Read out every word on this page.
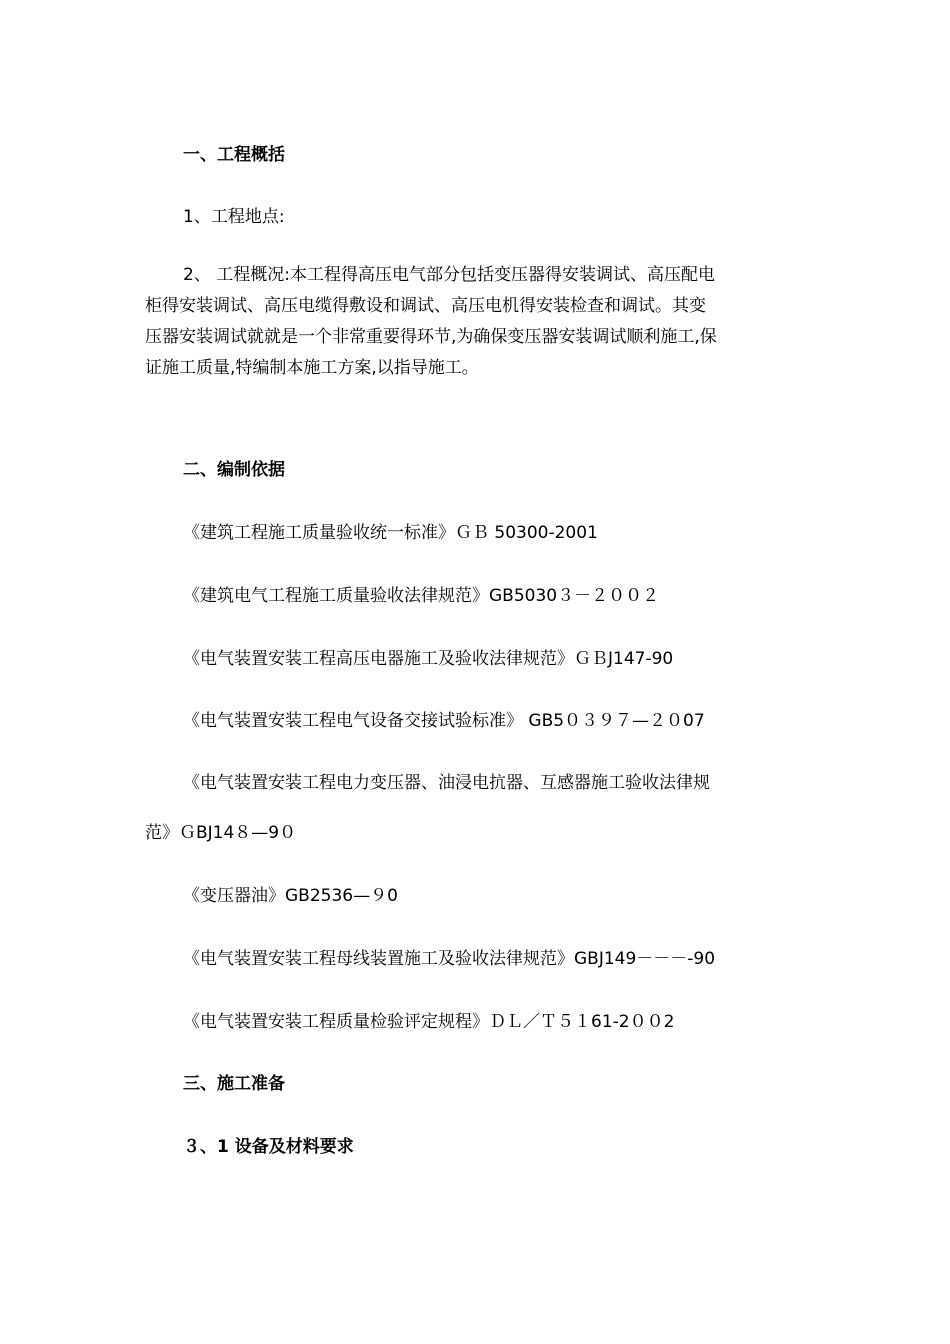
一、工程概括
1、工程地点:
2、 工程概况:本工程得高压电气部分包括变压器得安装调试、高压配电
柜得安装调试、高压电缆得敷设和调试、高压电机得安装检查和调试。其变
压器安装调试就就是一个非常重要得环节,为确保变压器安装调试顺利施工,保
证施工质量,特编制本施工方案,以指导施工。
二、编制依据
《建筑工程施工质量验收统一标准》ＧＢ 50300-2001
《建筑电气工程施工质量验收法律规范》GB5030３－２００２
《电气装置安装工程高压电器施工及验收法律规范》ＧＢJ147-90
《电气装置安装工程电气设备交接试验标准》 GB5０３９７—２０07
《电气装置安装工程电力变压器、油浸电抗器、互感器施工验收法律规
范》ＧBJ14８—9０
《变压器油》GB2536—９0
《电气装置安装工程母线装置施工及验收法律规范》GBJ149－－－-90
《电气装置安装工程质量检验评定规程》ＤＬ／Ｔ５１61-2００2
三、施工准备
３、1 设备及材料要求
